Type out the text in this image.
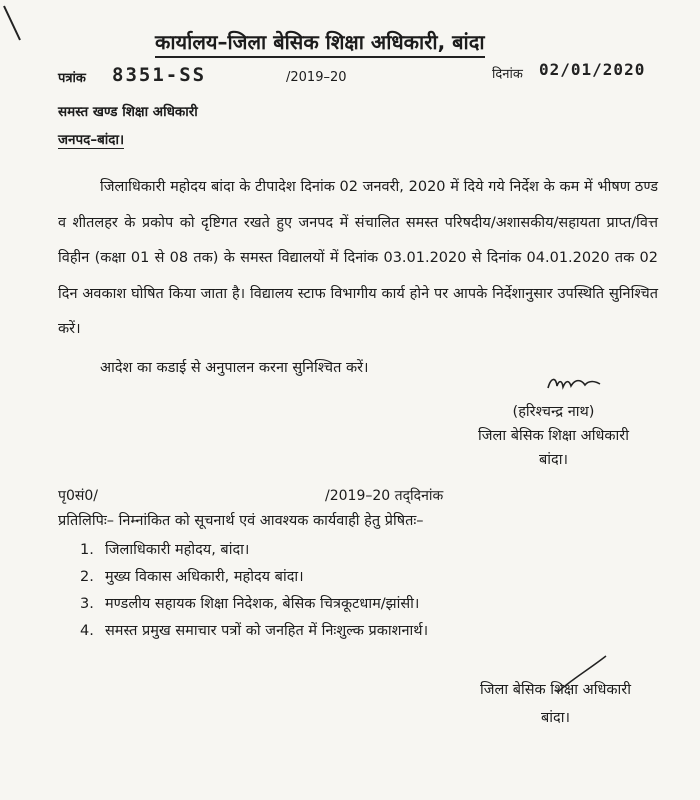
कार्यालय–जिला बेसिक शिक्षा अधिकारी, बांदा
पत्रांक 8351-SS	/2019–20	दिनांक 02/01/2020
समस्त खण्ड शिक्षा अधिकारी
जनपद–बांदा।

जिलाधिकारी महोदय बांदा के टीपादेश दिनांक 02 जनवरी, 2020 में दिये गये निर्देश के कम में भीषण ठण्ड व शीतलहर के प्रकोप को दृष्टिगत रखते हुए जनपद में संचालित समस्त परिषदीय/अशासकीय/सहायता प्राप्त/वित्त विहीन (कक्षा 01 से 08 तक) के समस्त विद्यालयों में दिनांक 03.01.2020 से दिनांक 04.01.2020 तक 02 दिन अवकाश घोषित किया जाता है। विद्यालय स्टाफ विभागीय कार्य होने पर आपके निर्देशानुसार उपस्थिति सुनिश्चित करें।

आदेश का कडाई से अनुपालन करना सुनिश्चित करें।
(हरिश्चन्द्र नाथ)
जिला बेसिक शिक्षा अधिकारी
बांदा।
पृ0सं0/	/2019–20 तद्‌दिनांक
प्रतिलिपिः– निम्नांकित को सूचनार्थ एवं आवश्यक कार्यवाही हेतु प्रेषितः–
1. जिलाधिकारी महोदय, बांदा।
2. मुख्य विकास अधिकारी, महोदय बांदा।
3. मण्डलीय सहायक शिक्षा निदेशक, बेसिक चित्रकूटधाम/झांसी।
4. समस्त प्रमुख समाचार पत्रों को जनहित में निःशुल्क प्रकाशनार्थ।
जिला बेसिक शिक्षा अधिकारी
बांदा।
